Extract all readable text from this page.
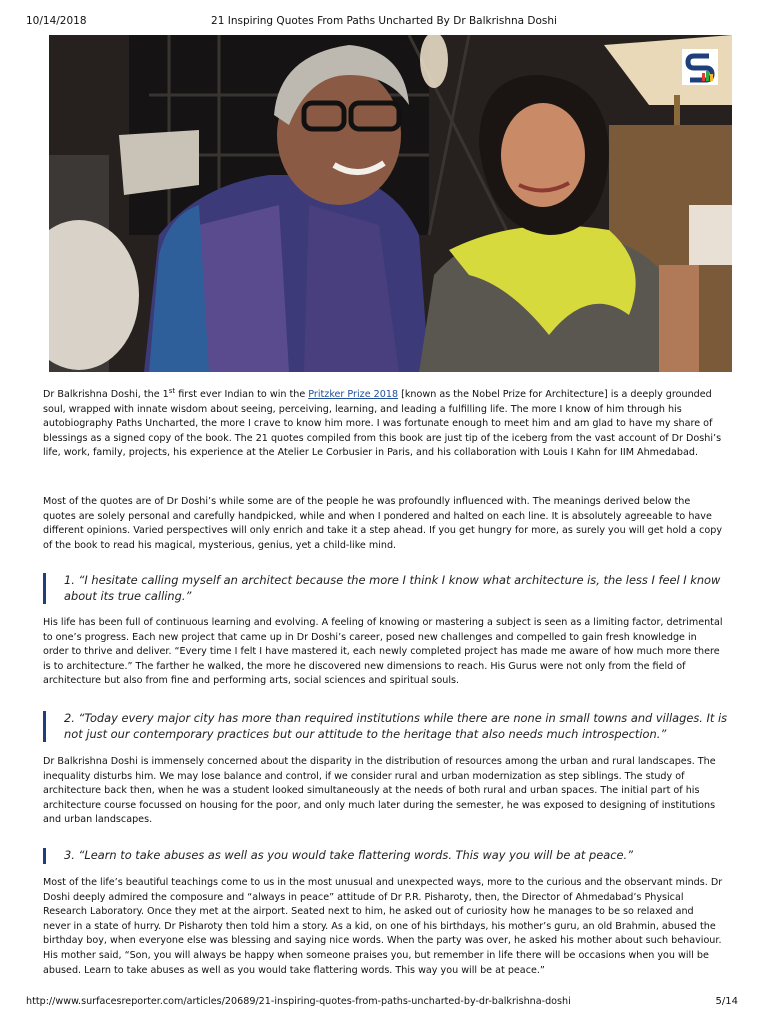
10/14/2018	21 Inspiring Quotes From Paths Uncharted By Dr Balkrishna Doshi

Dr Balkrishna Doshi, the 1st first ever Indian to win the Pritzker Prize 2018 [known as the Nobel Prize for Architecture] is a deeply grounded soul, wrapped with innate wisdom about seeing, perceiving, learning, and leading a fulfilling life. The more I know of him through his autobiography Paths Uncharted, the more I crave to know him more. I was fortunate enough to meet him and am glad to have my share of blessings as a signed copy of the book. The 21 quotes compiled from this book are just tip of the iceberg from the vast account of Dr Doshi’s life, work, family, projects, his experience at the Atelier Le Corbusier in Paris, and his collaboration with Louis I Kahn for IIM Ahmedabad.

Most of the quotes are of Dr Doshi’s while some are of the people he was profoundly influenced with. The meanings derived below the quotes are solely personal and carefully handpicked, while and when I pondered and halted on each line. It is absolutely agreeable to have different opinions. Varied perspectives will only enrich and take it a step ahead. If you get hungry for more, as surely you will get hold a copy of the book to read his magical, mysterious, genius, yet a child-like mind.
1. “I hesitate calling myself an architect because the more I think I know what architecture is, the less I feel I know about its true calling.”
His life has been full of continuous learning and evolving. A feeling of knowing or mastering a subject is seen as a limiting factor, detrimental to one’s progress. Each new project that came up in Dr Doshi’s career, posed new challenges and compelled to gain fresh knowledge in order to thrive and deliver. “Every time I felt I have mastered it, each newly completed project has made me aware of how much more there is to architecture.” The farther he walked, the more he discovered new dimensions to reach. His Gurus were not only from the field of architecture but also from fine and performing arts, social sciences and spiritual souls.
2. “Today every major city has more than required institutions while there are none in small towns and villages. It is not just our contemporary practices but our attitude to the heritage that also needs much introspection.”
Dr Balkrishna Doshi is immensely concerned about the disparity in the distribution of resources among the urban and rural landscapes. The inequality disturbs him. We may lose balance and control, if we consider rural and urban modernization as step siblings. The study of architecture back then, when he was a student looked simultaneously at the needs of both rural and urban spaces. The initial part of his architecture course focussed on housing for the poor, and only much later during the semester, he was exposed to designing of institutions and urban landscapes.
3. “Learn to take abuses as well as you would take flattering words. This way you will be at peace.”
Most of the life’s beautiful teachings come to us in the most unusual and unexpected ways, more to the curious and the observant minds. Dr Doshi deeply admired the composure and “always in peace” attitude of Dr P.R. Pisharoty, then, the Director of Ahmedabad’s Physical Research Laboratory. Once they met at the airport. Seated next to him, he asked out of curiosity how he manages to be so relaxed and never in a state of hurry. Dr Pisharoty then told him a story. As a kid, on one of his birthdays, his mother’s guru, an old Brahmin, abused the birthday boy, when everyone else was blessing and saying nice words. When the party was over, he asked his mother about such behaviour. His mother said, “Son, you will always be happy when someone praises you, but remember in life there will be occasions when you will be abused. Learn to take abuses as well as you would take flattering words. This way you will be at peace.”
http://www.surfacesreporter.com/articles/20689/21-inspiring-quotes-from-paths-uncharted-by-dr-balkrishna-doshi	5/14
